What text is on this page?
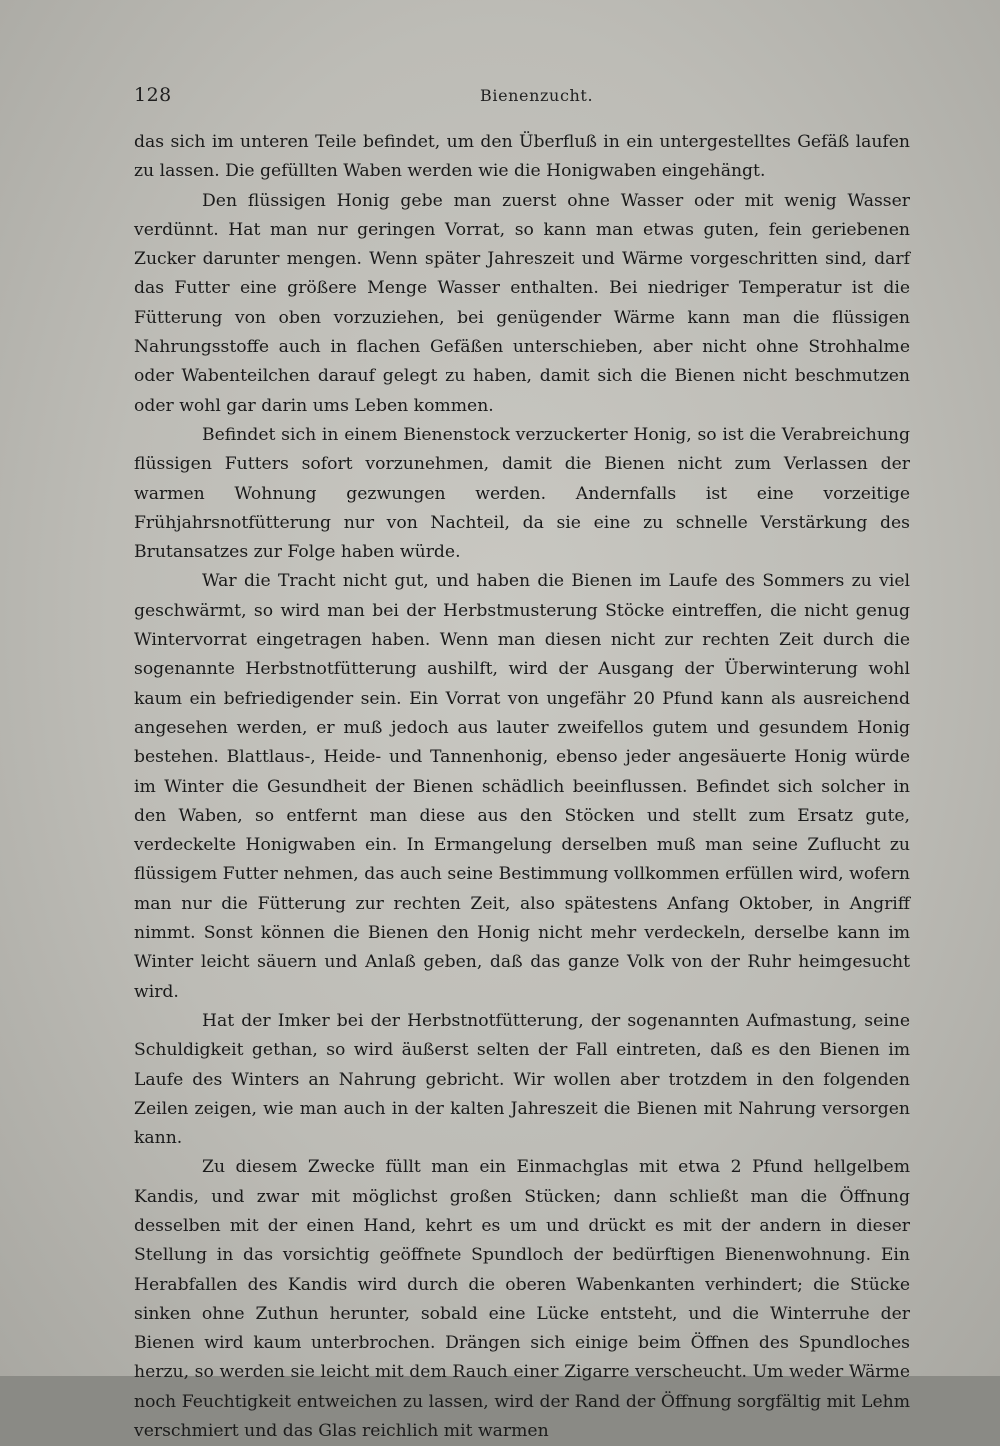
128	Bienenzucht.

das sich im unteren Teile befindet, um den Überfluß in ein untergestelltes Gefäß laufen zu lassen. Die gefüllten Waben werden wie die Honigwaben eingehängt.

Den flüssigen Honig gebe man zuerst ohne Wasser oder mit wenig Wasser verdünnt. Hat man nur geringen Vorrat, so kann man etwas guten, fein geriebenen Zucker darunter mengen. Wenn später Jahreszeit und Wärme vorgeschritten sind, darf das Futter eine größere Menge Wasser enthalten. Bei niedriger Temperatur ist die Fütterung von oben vorzuziehen, bei genügender Wärme kann man die flüssigen Nahrungsstoffe auch in flachen Gefäßen unterschieben, aber nicht ohne Strohhalme oder Wabenteilchen darauf gelegt zu haben, damit sich die Bienen nicht beschmutzen oder wohl gar darin ums Leben kommen.

Befindet sich in einem Bienenstock verzuckerter Honig, so ist die Verabreichung flüssigen Futters sofort vorzunehmen, damit die Bienen nicht zum Verlassen der warmen Wohnung gezwungen werden. Andernfalls ist eine vorzeitige Frühjahrsnotfütterung nur von Nachteil, da sie eine zu schnelle Verstärkung des Brutansatzes zur Folge haben würde.

War die Tracht nicht gut, und haben die Bienen im Laufe des Sommers zu viel geschwärmt, so wird man bei der Herbstmusterung Stöcke eintreffen, die nicht genug Wintervorrat eingetragen haben. Wenn man diesen nicht zur rechten Zeit durch die sogenannte Herbstnotfütterung aushilft, wird der Ausgang der Überwinterung wohl kaum ein befriedigender sein. Ein Vorrat von ungefähr 20 Pfund kann als ausreichend angesehen werden, er muß jedoch aus lauter zweifellos gutem und gesundem Honig bestehen. Blattlaus-, Heide- und Tannenhonig, ebenso jeder angesäuerte Honig würde im Winter die Gesundheit der Bienen schädlich beeinflussen. Befindet sich solcher in den Waben, so entfernt man diese aus den Stöcken und stellt zum Ersatz gute, verdeckelte Honigwaben ein. In Ermangelung derselben muß man seine Zuflucht zu flüssigem Futter nehmen, das auch seine Bestimmung vollkommen erfüllen wird, wofern man nur die Fütterung zur rechten Zeit, also spätestens Anfang Oktober, in Angriff nimmt. Sonst können die Bienen den Honig nicht mehr verdeckeln, derselbe kann im Winter leicht säuern und Anlaß geben, daß das ganze Volk von der Ruhr heimgesucht wird.

Hat der Imker bei der Herbstnotfütterung, der sogenannten Aufmastung, seine Schuldigkeit gethan, so wird äußerst selten der Fall eintreten, daß es den Bienen im Laufe des Winters an Nahrung gebricht. Wir wollen aber trotzdem in den folgenden Zeilen zeigen, wie man auch in der kalten Jahreszeit die Bienen mit Nahrung versorgen kann.

Zu diesem Zwecke füllt man ein Einmachglas mit etwa 2 Pfund hellgelbem Kandis, und zwar mit möglichst großen Stücken; dann schließt man die Öffnung desselben mit der einen Hand, kehrt es um und drückt es mit der andern in dieser Stellung in das vorsichtig geöffnete Spundloch der bedürftigen Bienenwohnung. Ein Herabfallen des Kandis wird durch die oberen Wabenkanten verhindert; die Stücke sinken ohne Zuthun herunter, sobald eine Lücke entsteht, und die Winterruhe der Bienen wird kaum unterbrochen. Drängen sich einige beim Öffnen des Spundloches herzu, so werden sie leicht mit dem Rauch einer Zigarre verscheucht. Um weder Wärme noch Feuchtigkeit entweichen zu lassen, wird der Rand der Öffnung sorgfältig mit Lehm verschmiert und das Glas reichlich mit warmen
